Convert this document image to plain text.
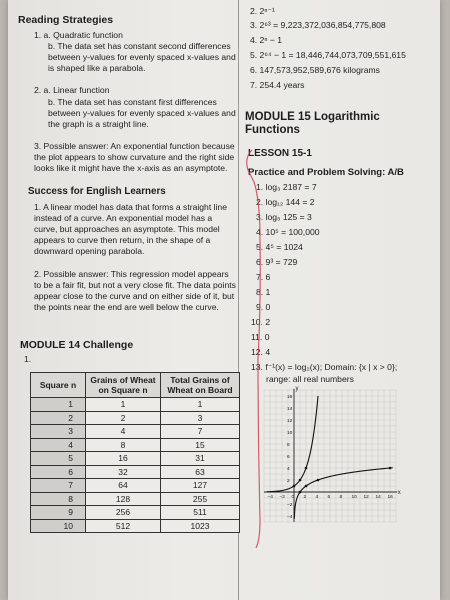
Reading Strategies
1. a. Quadratic function
b. The data set has constant second differences between y-values for evenly spaced x-values and is shaped like a parabola.
2. a. Linear function
b. The data set has constant first differences between y-values for evenly spaced x-values and the graph is a straight line.
3. Possible answer: An exponential function because the plot appears to show curvature and the right side looks like it might have the x-axis as an asymptote.
Success for English Learners
1. A linear model has data that forms a straight line instead of a curve. An exponential model has a curve, but approaches an asymptote. This model appears to curve then return, in the shape of a downward opening parabola.
2. Possible answer: This regression model appears to be a fair fit, but not a very close fit. The data points appear close to the curve and on either side of it, but the points near the end are well below the curve.
MODULE 14 Challenge
1.
Square n	Grains of Wheat on Square n	Total Grains of Wheat on Board
1	1	1
2	2	3
3	4	7
4	8	15
5	16	31
6	32	63
7	64	127
8	128	255
9	256	511
10	512	1023
2. 2ⁿ⁻¹
3. 2⁶³ = 9,223,372,036,854,775,808
4. 2ⁿ − 1
5. 2⁶⁴ − 1 = 18,446,744,073,709,551,615
6. 147,573,952,589,676 kilograms
7. 254.4 years
MODULE 15 Logarithmic Functions
LESSON 15-1
Practice and Problem Solving: A/B
1. log₃ 2187 = 7
2. log₁₂ 144 = 2
3. log₅ 125 = 3
4. 10⁵ = 100,000
5. 4⁵ = 1024
6. 9³ = 729
7. 6
8. 1
9. 0
10. 2
11. 0
12. 4
13. f⁻¹(x) = log₂(x); Domain: {x | x > 0};
range: all real numbers
x
y
−4 −2 0 2 4 6 8 10 12 14 16
16
14
12
10
8
6
4
2
−2
−4
